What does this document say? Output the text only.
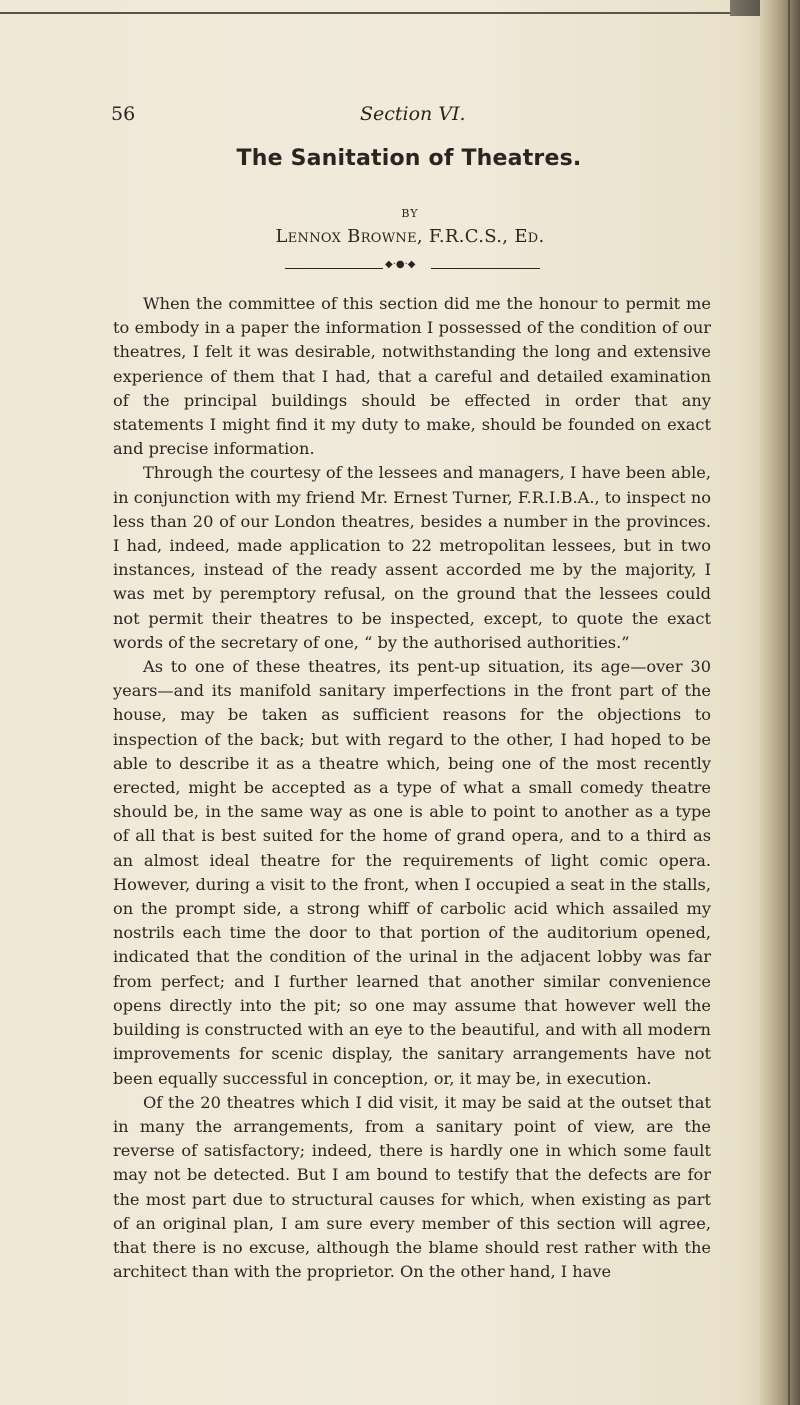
56	Section VI.
The Sanitation of Theatres.
BY
Lennox Browne, F.R.C.S., Ed.
◆·●·◆

When the committee of this section did me the honour to permit me to embody in a paper the information I possessed of the condition of our theatres, I felt it was desirable, notwithstanding the long and extensive experience of them that I had, that a careful and detailed examination of the principal buildings should be effected in order that any statements I might find it my duty to make, should be founded on exact and precise information.

Through the courtesy of the lessees and managers, I have been able, in conjunction with my friend Mr. Ernest Turner, F.R.I.B.A., to inspect no less than 20 of our London theatres, besides a number in the provinces. I had, indeed, made application to 22 metropolitan lessees, but in two instances, instead of the ready assent accorded me by the majority, I was met by peremptory refusal, on the ground that the lessees could not permit their theatres to be inspected, except, to quote the exact words of the secretary of one, “ by the authorised authorities.”

As to one of these theatres, its pent-up situation, its age—over 30 years—and its manifold sanitary imperfections in the front part of the house, may be taken as sufficient reasons for the objections to inspection of the back; but with regard to the other, I had hoped to be able to describe it as a theatre which, being one of the most recently erected, might be accepted as a type of what a small comedy theatre should be, in the same way as one is able to point to another as a type of all that is best suited for the home of grand opera, and to a third as an almost ideal theatre for the requirements of light comic opera. However, during a visit to the front, when I occupied a seat in the stalls, on the prompt side, a strong whiff of carbolic acid which assailed my nostrils each time the door to that portion of the auditorium opened, indicated that the condition of the urinal in the adjacent lobby was far from perfect; and I further learned that another similar convenience opens directly into the pit; so one may assume that however well the building is constructed with an eye to the beautiful, and with all modern improvements for scenic display, the sanitary arrangements have not been equally successful in conception, or, it may be, in execution.

Of the 20 theatres which I did visit, it may be said at the outset that in many the arrangements, from a sanitary point of view, are the reverse of satisfactory; indeed, there is hardly one in which some fault may not be detected. But I am bound to testify that the defects are for the most part due to structural causes for which, when existing as part of an original plan, I am sure every member of this section will agree, that there is no excuse, although the blame should rest rather with the architect than with the proprietor. On the other hand, I have
